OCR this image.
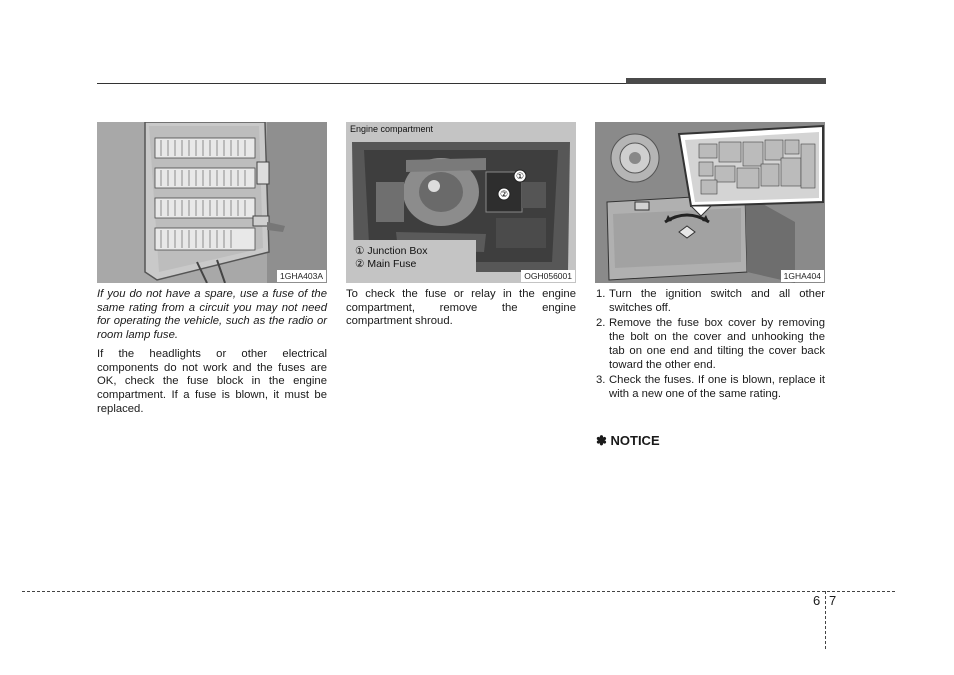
1GHA403A
①
②
Engine compartment
① Junction Box
② Main Fuse
OGH056001	1GHA404

If you do not have a spare, use a fuse of the same rating from a circuit you may not need for operating the vehicle, such as the radio or room lamp fuse.

If the headlights or other electrical components do not work and the fuses are OK, check the fuse block in the engine compartment. If a fuse is blown, it must be replaced.

To check the fuse or relay in the engine compartment, remove the engine compartment shroud.

1. Turn the ignition switch and all other switches off.
2. Remove the fuse box cover by removing the bolt on the cover and unhooking the tab on one end and tilting the cover back toward the other end.
3. Check the fuses. If one is blown, replace it with a new one of the same rating.
✽ NOTICE
6 7
